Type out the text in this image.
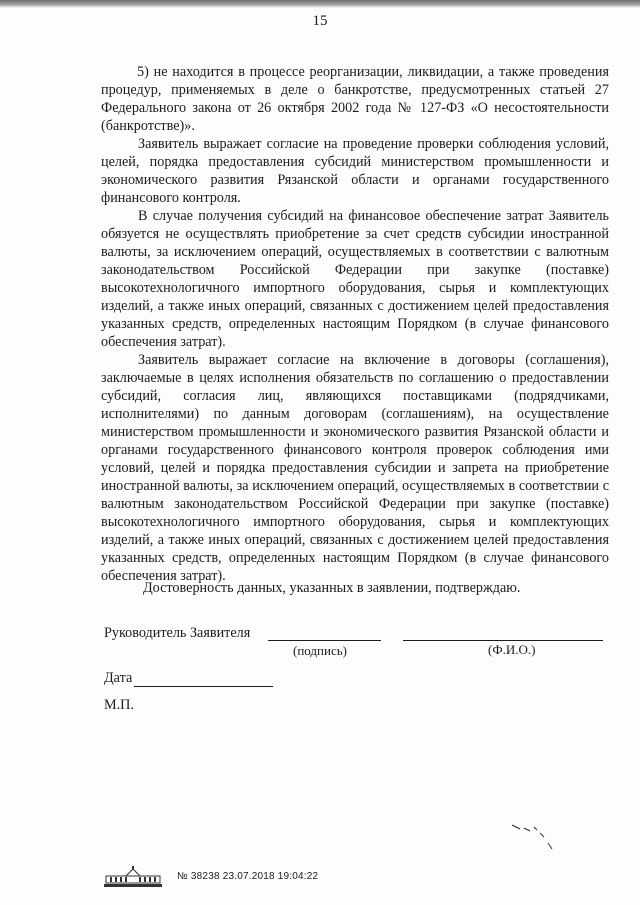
15

5) не находится в процессе реорганизации, ликвидации, а также проведения процедур, применяемых в деле о банкротстве, предусмотренных статьей 27 Федерального закона от 26 октября 2002 года № 127-ФЗ «О несостоятельности (банкротстве)».

Заявитель выражает согласие на проведение проверки соблюдения условий, целей, порядка предоставления субсидий министерством промышленности и экономического развития Рязанской области и органами государственного финансового контроля.

В случае получения субсидий на финансовое обеспечение затрат Заявитель обязуется не осуществлять приобретение за счет средств субсидии иностранной валюты, за исключением операций, осуществляемых в соответствии с валютным законодательством Российской Федерации при закупке (поставке) высокотехнологичного импортного оборудования, сырья и комплектующих изделий, а также иных операций, связанных с достижением целей предоставления указанных средств, определенных настоящим Порядком (в случае финансового обеспечения затрат).

Заявитель выражает согласие на включение в договоры (соглашения), заключаемые в целях исполнения обязательств по соглашению о предоставлении субсидий, согласия лиц, являющихся поставщиками (подрядчиками, исполнителями) по данным договорам (соглашениям), на осуществление министерством промышленности и экономического развития Рязанской области и органами государственного финансового контроля проверок соблюдения ими условий, целей и порядка предоставления субсидии и запрета на приобретение иностранной валюты, за исключением операций, осуществляемых в соответствии с валютным законодательством Российской Федерации при закупке (поставке) высокотехнологичного импортного оборудования, сырья и комплектующих изделий, а также иных операций, связанных с достижением целей предоставления указанных средств, определенных настоящим Порядком (в случае финансового обеспечения затрат).

Достоверность данных, указанных в заявлении, подтверждаю.
Руководитель Заявителя
(подпись)	(Ф.И.О.)
Дата
М.П.
№ 38238 23.07.2018 19:04:22
